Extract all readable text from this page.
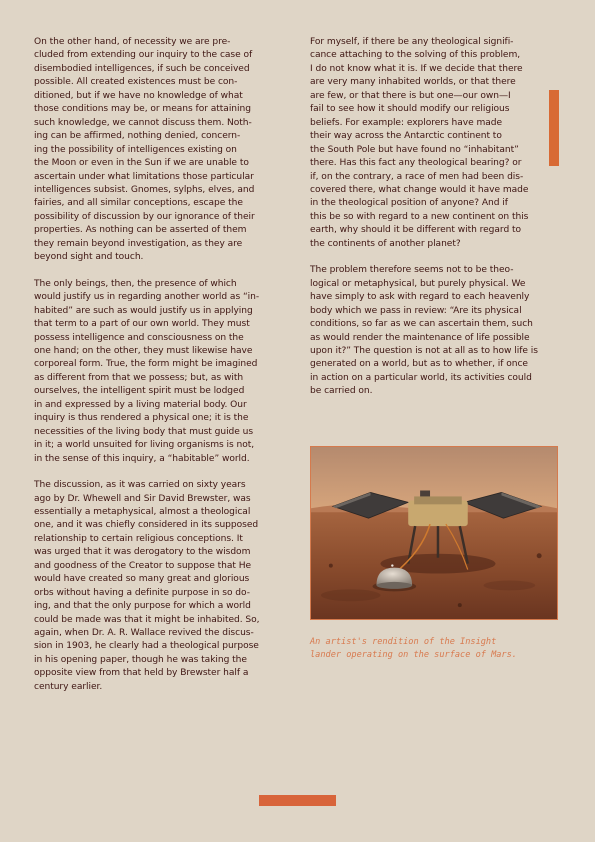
On the other hand, of necessity we are pre-
cluded from extending our inquiry to the case of
disembodied intelligences, if such be conceived
possible. All created existences must be con-
ditioned, but if we have no knowledge of what
those conditions may be, or means for attaining
such knowledge, we cannot discuss them. Noth-
ing can be affirmed, nothing denied, concern-
ing the possibility of intelligences existing on
the Moon or even in the Sun if we are unable to
ascertain under what limitations those particular
intelligences subsist. Gnomes, sylphs, elves, and
fairies, and all similar conceptions, escape the
possibility of discussion by our ignorance of their
properties. As nothing can be asserted of them
they remain beyond investigation, as they are
beyond sight and touch.

The only beings, then, the presence of which
would justify us in regarding another world as “in-
habited” are such as would justify us in applying
that term to a part of our own world. They must
possess intelligence and consciousness on the
one hand; on the other, they must likewise have
corporeal form. True, the form might be imagined
as different from that we possess; but, as with
ourselves, the intelligent spirit must be lodged
in and expressed by a living material body. Our
inquiry is thus rendered a physical one; it is the
necessities of the living body that must guide us
in it; a world unsuited for living organisms is not,
in the sense of this inquiry, a “habitable” world.

The discussion, as it was carried on sixty years
ago by Dr. Whewell and Sir David Brewster, was
essentially a metaphysical, almost a theological
one, and it was chiefly considered in its supposed
relationship to certain religious conceptions. It
was urged that it was derogatory to the wisdom
and goodness of the Creator to suppose that He
would have created so many great and glorious
orbs without having a definite purpose in so do-
ing, and that the only purpose for which a world
could be made was that it might be inhabited. So,
again, when Dr. A. R. Wallace revived the discus-
sion in 1903, he clearly had a theological purpose
in his opening paper, though he was taking the
opposite view from that held by Brewster half a
century earlier.

For myself, if there be any theological signifi-
cance attaching to the solving of this problem,
I do not know what it is. If we decide that there
are very many inhabited worlds, or that there
are few, or that there is but one—our own—I
fail to see how it should modify our religious
beliefs. For example: explorers have made
their way across the Antarctic continent to
the South Pole but have found no “inhabitant”
there. Has this fact any theological bearing? or
if, on the contrary, a race of men had been dis-
covered there, what change would it have made
in the theological position of anyone? And if
this be so with regard to a new continent on this
earth, why should it be different with regard to
the continents of another planet?

The problem therefore seems not to be theo-
logical or metaphysical, but purely physical. We
have simply to ask with regard to each heavenly
body which we pass in review: “Are its physical
conditions, so far as we can ascertain them, such
as would render the maintenance of life possible
upon it?” The question is not at all as to how life is
generated on a world, but as to whether, if once
in action on a particular world, its activities could
be carried on.

An artist's rendition of the Insight
lander operating on the surface of Mars.
